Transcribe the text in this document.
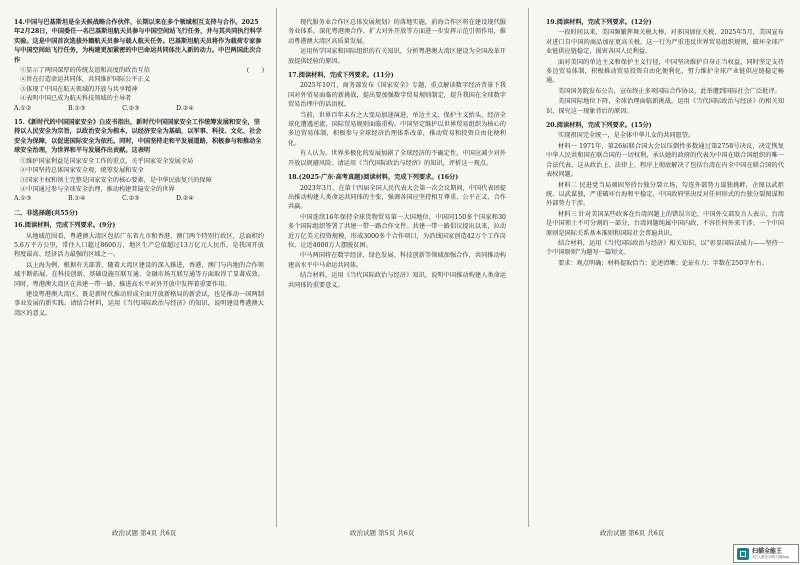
14.中国与巴基斯坦是全天候战略合作伙伴，长期以来在多个领域相互支持与合作。2025年2月28日，中国委任一名巴基斯坦航天员参与中国空间站飞行任务，并与其共同执行科学实验。这是中国首次选拔外籍航天员参与载人航天任务。巴基斯坦航天员将作为载荷专家参与中国空间站飞行任务，为构建更加紧密的中巴命运共同体注入新的动力。中巴两国此次合作
(　　)
①显示了两国深厚的传统友谊和高度的政治互信
②旨在打造命运共同体，共同维护国际公平正义
③体现了中国在航天领域的开放与共享精神
④表明中国已成为航天科技领域的主导者
A.①②	B.①③	C.②③	D.②④
15.《新时代的中国国家安全》白皮书指出，新时代中国国家安全工作统筹发展和安全，坚持以人民安全为宗旨，以政治安全为根本，以经济安全为基础，以军事、科技、文化、社会安全为保障，以促进国际安全为依托。同时，中国坚持走和平发展道路，积极参与和推动全球安全治理，为世界和平与发展作出贡献。这表明
①维护国家利益是国家安全工作的重点，关乎国家安全发展全局
②中国坚持总体国家安全观，统筹发展和安全
③国家主权和领土完整是国家安全的核心要素，是中华民族复兴的保障
④中国通过参与全球安全治理，推动构建普遍安全的世界
A.①③	B.①④	C.②③	D.②④
二、非选择题(共55分)
16.阅读材料，完成下列要求。(9分)
从地域范围看，粤港澳大湾区包括广东省九市和香港、澳门两个特别行政区，总面积约5.6万平方公里，常住人口超过8600万，地区生产总值超过13万亿元人民币，是我国开放程度最高、经济活力最强的区域之一。
以上海为例，根据有关部署，随着大湾区建设的深入推进，香港、澳门与内地的合作领域不断拓展，在科技创新、基础设施互联互通、金融市场互联互通等方面取得了显著成效。同时，粤港澳大湾区在共建一带一路、推进高水平对外开放中发挥着重要作用。
建设粤港澳大湾区，既是新时代推动形成全面开放新格局的新尝试，也是推动一国两制事业发展的新实践。请结合材料，运用《当代国际政治与经济》的知识，说明建设粤港澳大湾区的意义。
现代服务业合作区总体发展规划》的落地实施，前海合作区将在建设现代服务业体系、深化粤港澳合作、扩大对外开放等方面进一步发挥示范引领作用，推动粤港澳大湾区高质量发展。
运用所学国家和国际组织的有关知识，分析粤港澳大湾区建设为全国改革开放提供经验的原因。
17.阅读材料，完成下列要求。(11分)
2025年10月，商务部发布《国家安全》专题，重点解读数字经济背景下我国对外贸易面临的新挑战，提出要加强数字贸易规则制定，提升我国在全球数字贸易治理中的话语权。
当前，世界百年未有之大变局加速演进，单边主义、保护主义抬头，经济全球化遭遇逆流，国际贸易规则面临重构。中国坚定维护以世界贸易组织为核心的多边贸易体制，积极参与全球经济治理体系改革，推动贸易和投资自由化便利化。
有人认为，世界多极化的发展加剧了全球经济的不确定性，中国应减少对外开放以规避风险。请运用《当代国际政治与经济》的知识，评析这一观点。
18.(2025·广东·高考真题)阅读材料，完成下列要求。(16分)
2023年3月，在第十四届全国人民代表大会第一次会议期间，中国代表团提出推动构建人类命运共同体的主张，强调各国应坚持相互尊重、公平正义、合作共赢。
中国连续16年保持全球货物贸易第一大国地位，中国同150多个国家和30多个国际组织签署了共建一带一路合作文件。共建一带一路倡议提出以来，拉动近万亿美元投资规模，形成3000多个合作项目，为沿线国家创造42万个工作岗位，让近4000万人摆脱贫困。
中马两国将在数字经济、绿色发展、科技创新等领域加强合作，共同推动构建高水平中马命运共同体。
结合材料，运用《当代国际政治与经济》知识，说明中国推动构建人类命运共同体的重要意义。
19.阅读材料，完成下列要求。(12分)
一段时间以来，美国频繁挥舞关税大棒，对多国加征关税，2025年5月，美国宣布对进口自中国的商品加征更高关税，这一行为严重违反世界贸易组织规则，破坏全球产业链供应链稳定，损害各国人民利益。
面对美国的单边主义和保护主义行径，中国坚决维护自身正当权益，同时坚定支持多边贸易体制，积极推动贸易投资自由化便利化，努力维护全球产业链供应链稳定畅通。
美国国务院发布公告，宣布终止多项国际合作协议，此举遭到国际社会广泛批评。
美国国际地位下降，全球治理面临新挑战。运用《当代国际政治与经济》的相关知识，探究这一现象背后的原因。
20.阅读材料，完成下列要求。(15分)
实现祖国完全统一，是全体中华儿女的共同愿望。
材料一 1971年，第26届联合国大会以压倒性多数通过第2758号决议，决定恢复中华人民共和国在联合国的一切权利，承认她的政府的代表为中国在联合国组织的唯一合法代表。这从政治上、法律上、程序上彻底解决了包括台湾在内全中国在联合国的代表权问题。
材料二 民进党当局顽固坚持台独分裂立场，勾连外部势力谋独挑衅，企图以武拒统、以武谋独，严重破坏台海和平稳定。中国政府坚决反对任何形式的台独分裂图谋和外部势力干涉。
材料三 针对美国某些政客在台湾问题上的错误言论，中国外交部发言人表示，台湾是中国领土不可分割的一部分，台湾问题纯属中国内政，不容任何外来干涉。一个中国原则是国际关系基本准则和国际社会普遍共识。
结合材料，运用《当代国际政治与经济》相关知识，以“彰显国际法威力——坚持一个中国原则”为题写一篇短文。
要求：观点明确；材料提取恰当；论述清晰；论证有力；字数在250字左右。
政治试题 第4页 共6页	政治试题 第5页 共6页	政治试题 第6页 共6页
扫描全能王
3亿人都在用的扫描App
